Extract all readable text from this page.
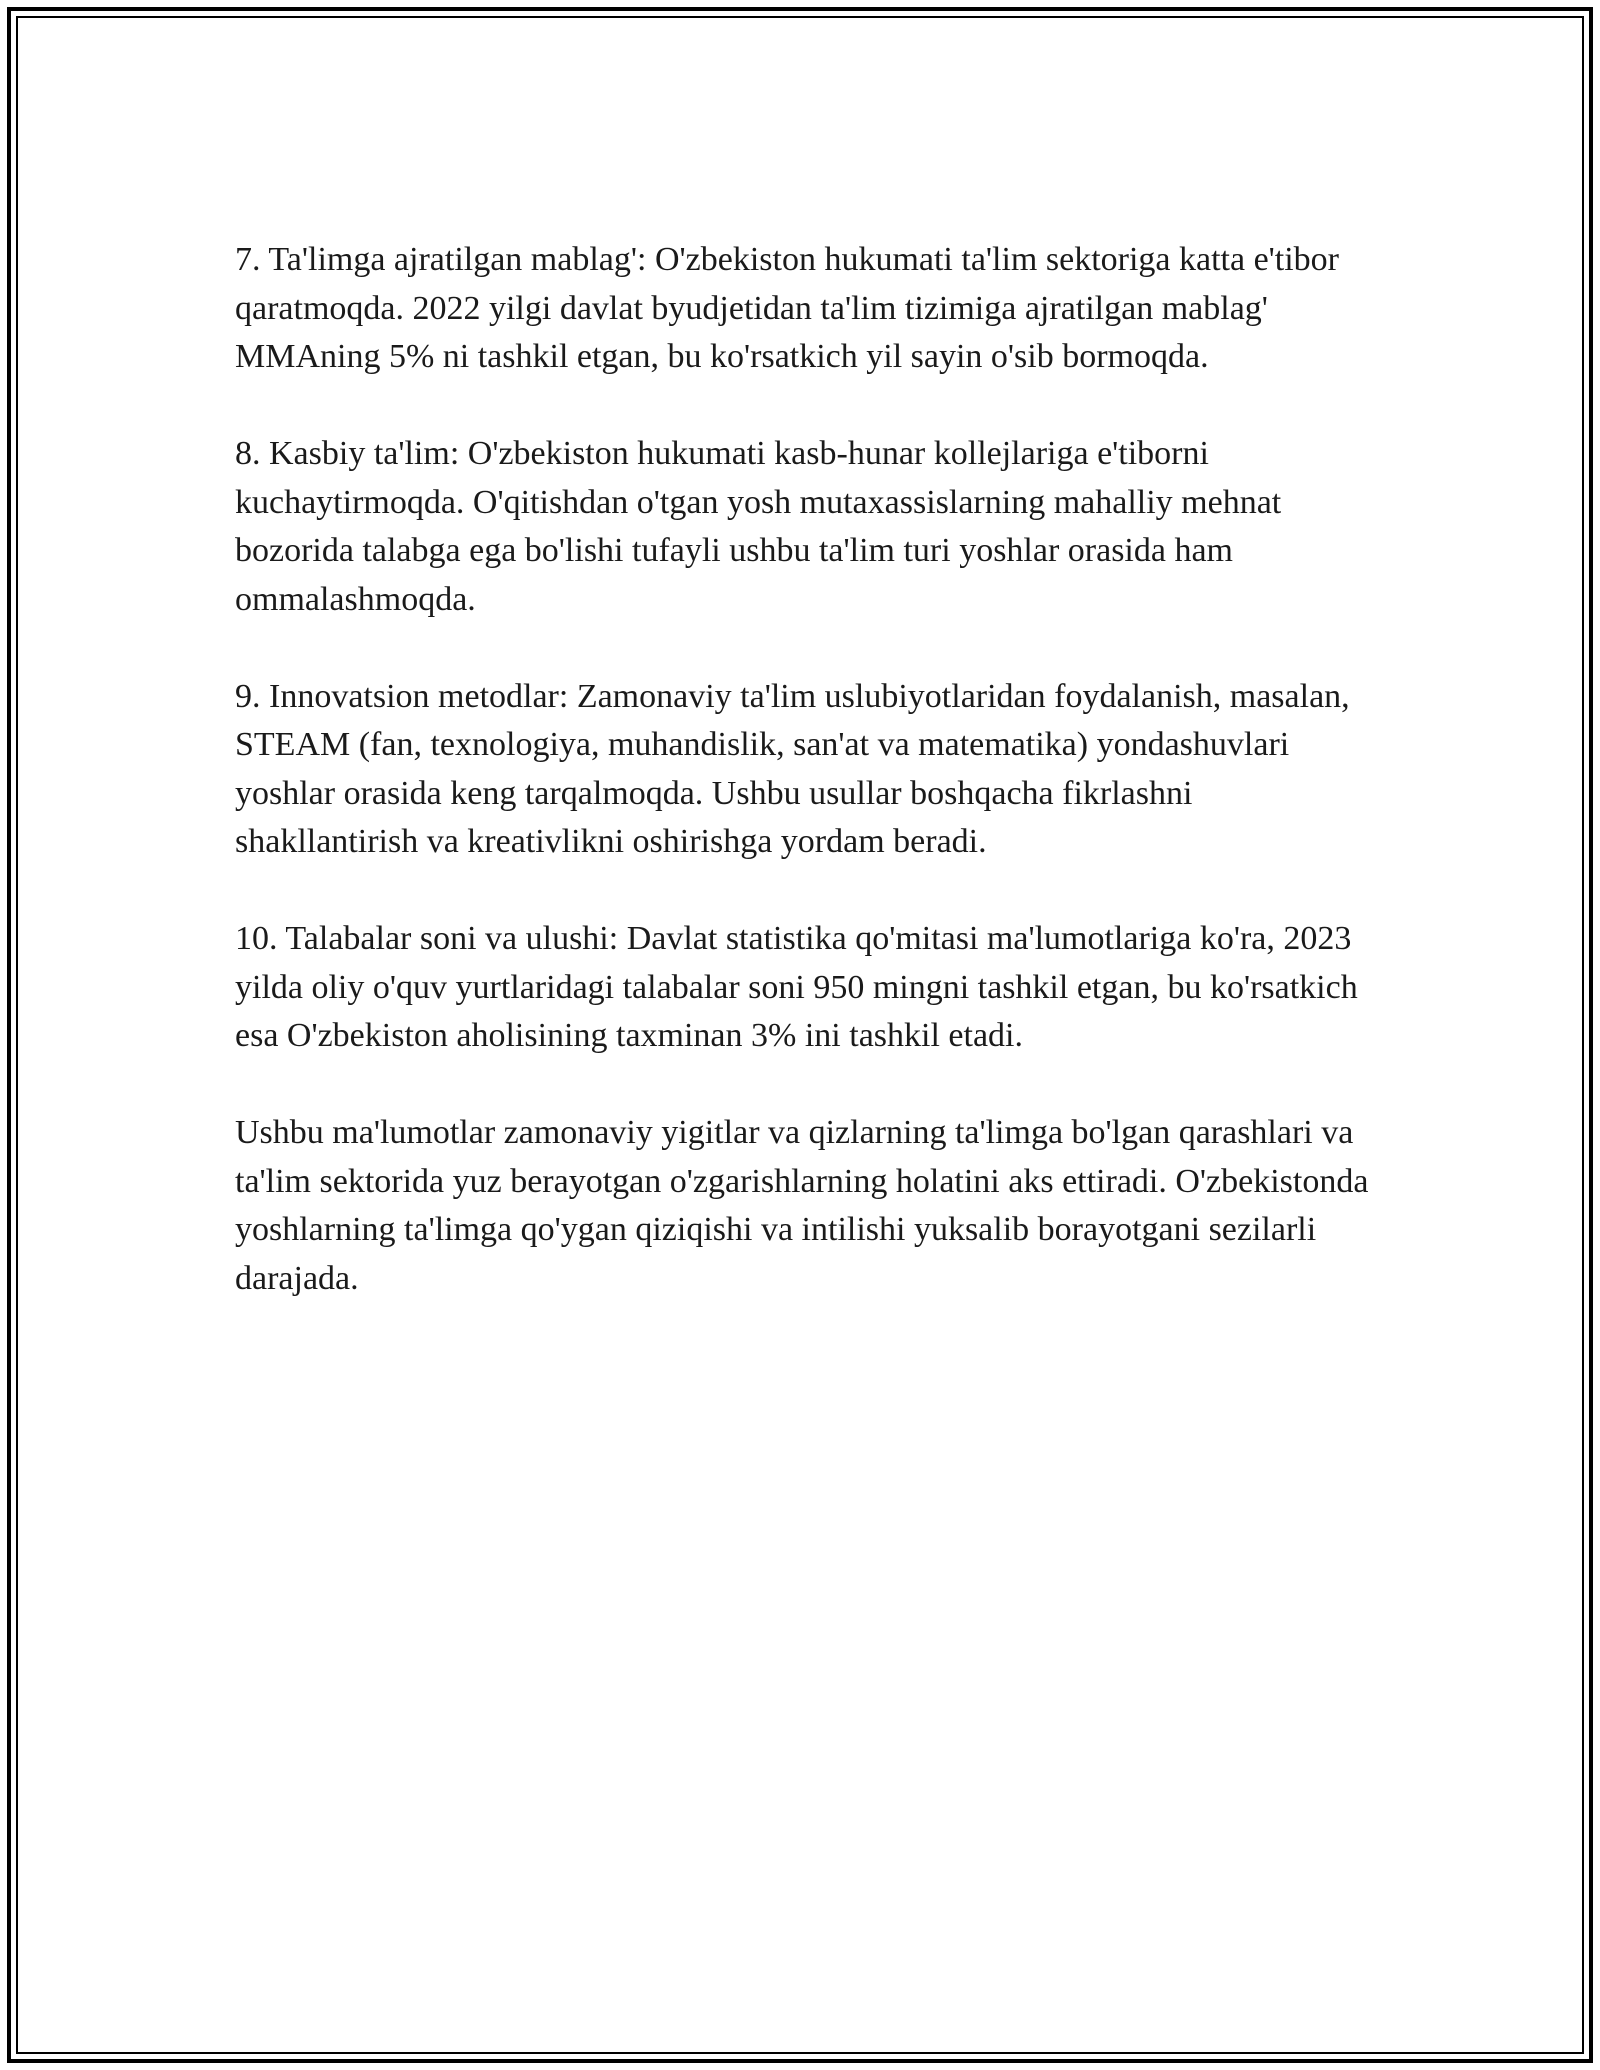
7. Ta'limga ajratilgan mablag': O'zbekiston hukumati ta'lim sektoriga katta e'tibor qaratmoqda. 2022 yilgi davlat byudjetidan ta'lim tizimiga ajratilgan mablag' MMAning 5% ni tashkil etgan, bu ko'rsatkich yil sayin o'sib bormoqda.

8. Kasbiy ta'lim: O'zbekiston hukumati kasb-hunar kollejlariga e'tiborni kuchaytirmoqda. O'qitishdan o'tgan yosh mutaxassislarning mahalliy mehnat bozorida talabga ega bo'lishi tufayli ushbu ta'lim turi yoshlar orasida ham ommalashmoqda.

9. Innovatsion metodlar: Zamonaviy ta'lim uslubiyotlaridan foydalanish, masalan, STEAM (fan, texnologiya, muhandislik, san'at va matematika) yondashuvlari yoshlar orasida keng tarqalmoqda. Ushbu usullar boshqacha fikrlashni shakllantirish va kreativlikni oshirishga yordam beradi.

10. Talabalar soni va ulushi: Davlat statistika qo'mitasi ma'lumotlariga ko'ra, 2023 yilda oliy o'quv yurtlaridagi talabalar soni 950 mingni tashkil etgan, bu ko'rsatkich esa O'zbekiston aholisining taxminan 3% ini tashkil etadi.

Ushbu ma'lumotlar zamonaviy yigitlar va qizlarning ta'limga bo'lgan qarashlari va ta'lim sektorida yuz berayotgan o'zgarishlarning holatini aks ettiradi. O'zbekistonda yoshlarning ta'limga qo'ygan qiziqishi va intilishi yuksalib borayotgani sezilarli darajada.
